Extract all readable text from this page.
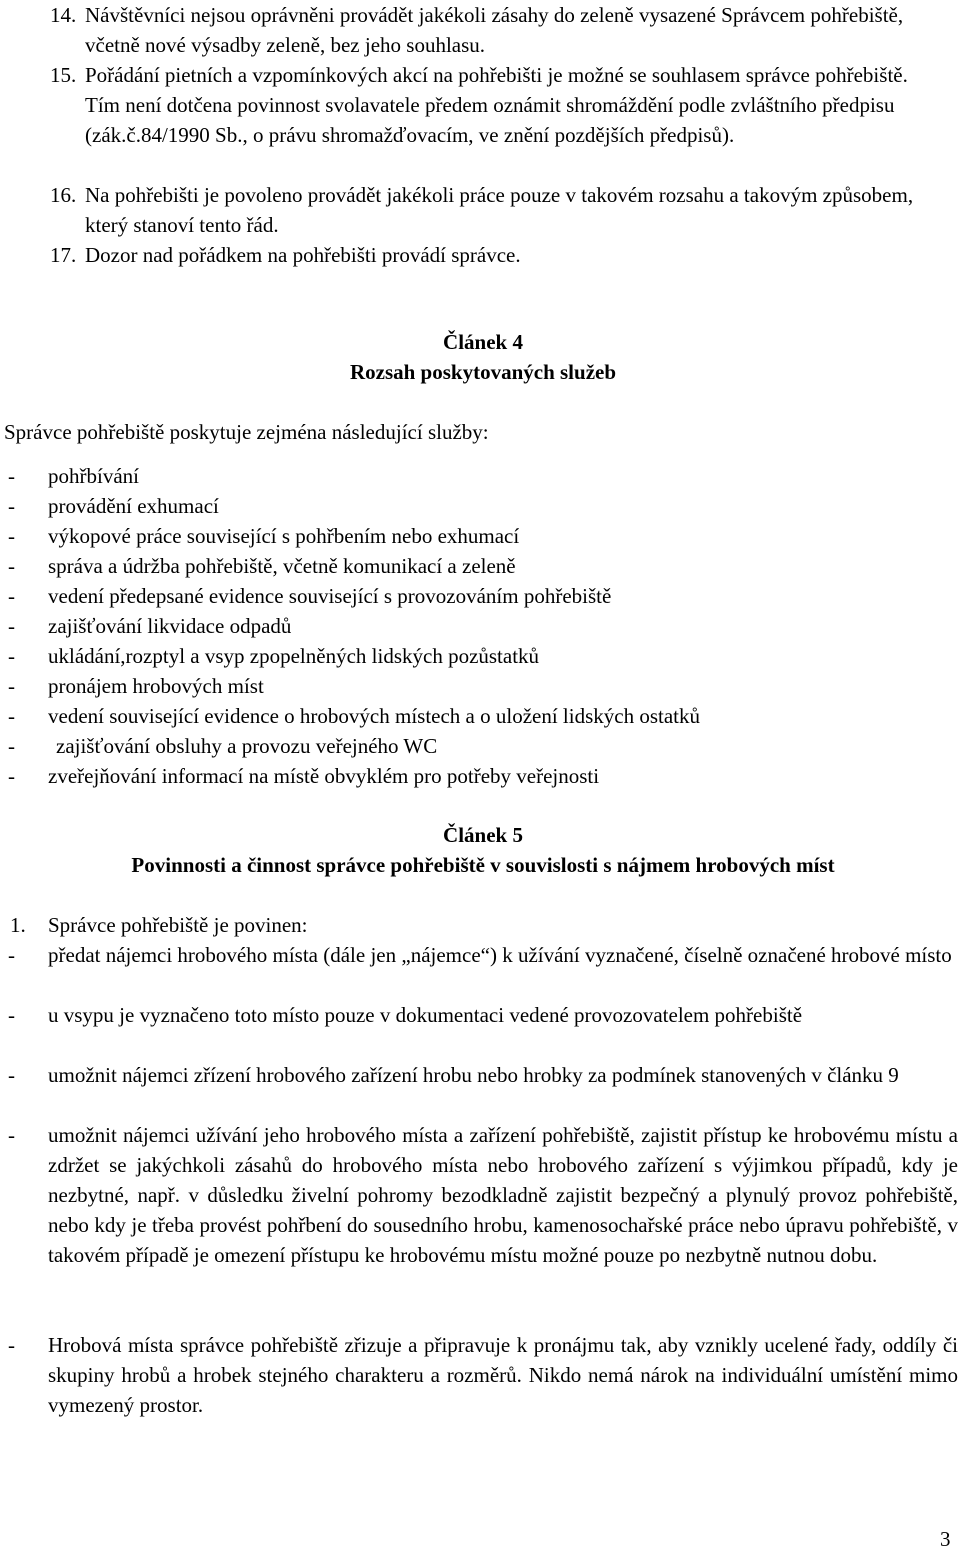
14. Návštěvníci nejsou oprávněni provádět jakékoli zásahy do zeleně vysazené Správcem pohřebiště, včetně nové výsadby zeleně, bez jeho souhlasu.
15. Pořádání pietních a vzpomínkových akcí na pohřebišti je možné se souhlasem správce pohřebiště. Tím není dotčena povinnost svolavatele předem oznámit shromáždění podle zvláštního předpisu (zák.č.84/1990 Sb., o právu shromažďovacím, ve znění pozdějších předpisů).
16. Na pohřebišti je povoleno provádět jakékoli práce pouze v takovém rozsahu a takovým způsobem, který stanoví tento řád.
17. Dozor nad pořádkem na pohřebišti provádí správce.
Článek 4
Rozsah poskytovaných služeb
Správce pohřebiště poskytuje zejména následující služby:
- pohřbívání
- provádění exhumací
- výkopové práce související s pohřbením nebo exhumací
- správa a údržba pohřebiště, včetně komunikací a zeleně
- vedení předepsané evidence související s provozováním pohřebiště
- zajišťování likvidace odpadů
- ukládání,rozptyl a vsyp zpopelněných lidských pozůstatků
- pronájem hrobových míst
- vedení související evidence o hrobových místech a o uložení lidských ostatků
- zajišťování obsluhy a provozu veřejného WC
- zveřejňování informací na místě obvyklém pro potřeby veřejnosti
Článek 5
Povinnosti a činnost správce pohřebiště v souvislosti s nájmem hrobových míst
1. Správce pohřebiště je povinen:
- předat nájemci hrobového místa (dále jen „nájemce“) k užívání vyznačené, číselně označené hrobové místo
- u vsypu je vyznačeno toto místo pouze v dokumentaci vedené provozovatelem pohřebiště
- umožnit nájemci zřízení hrobového zařízení hrobu nebo hrobky za podmínek stanovených v článku 9
- umožnit nájemci užívání jeho hrobového místa a zařízení pohřebiště, zajistit přístup ke hrobovému místu a zdržet se jakýchkoli zásahů do hrobového místa nebo hrobového zařízení s výjimkou případů, kdy je nezbytné, např. v důsledku živelní pohromy bezodkladně zajistit bezpečný a plynulý provoz pohřebiště, nebo kdy je třeba provést pohřbení do sousedního hrobu, kamenosochařské práce nebo úpravu pohřebiště, v takovém případě je omezení přístupu ke hrobovému místu možné pouze po nezbytně nutnou dobu.
- Hrobová místa správce pohřebiště zřizuje a připravuje k pronájmu tak, aby vznikly ucelené řady, oddíly či skupiny hrobů a hrobek stejného charakteru a rozměrů. Nikdo nemá nárok na individuální umístění mimo vymezený prostor.
3
